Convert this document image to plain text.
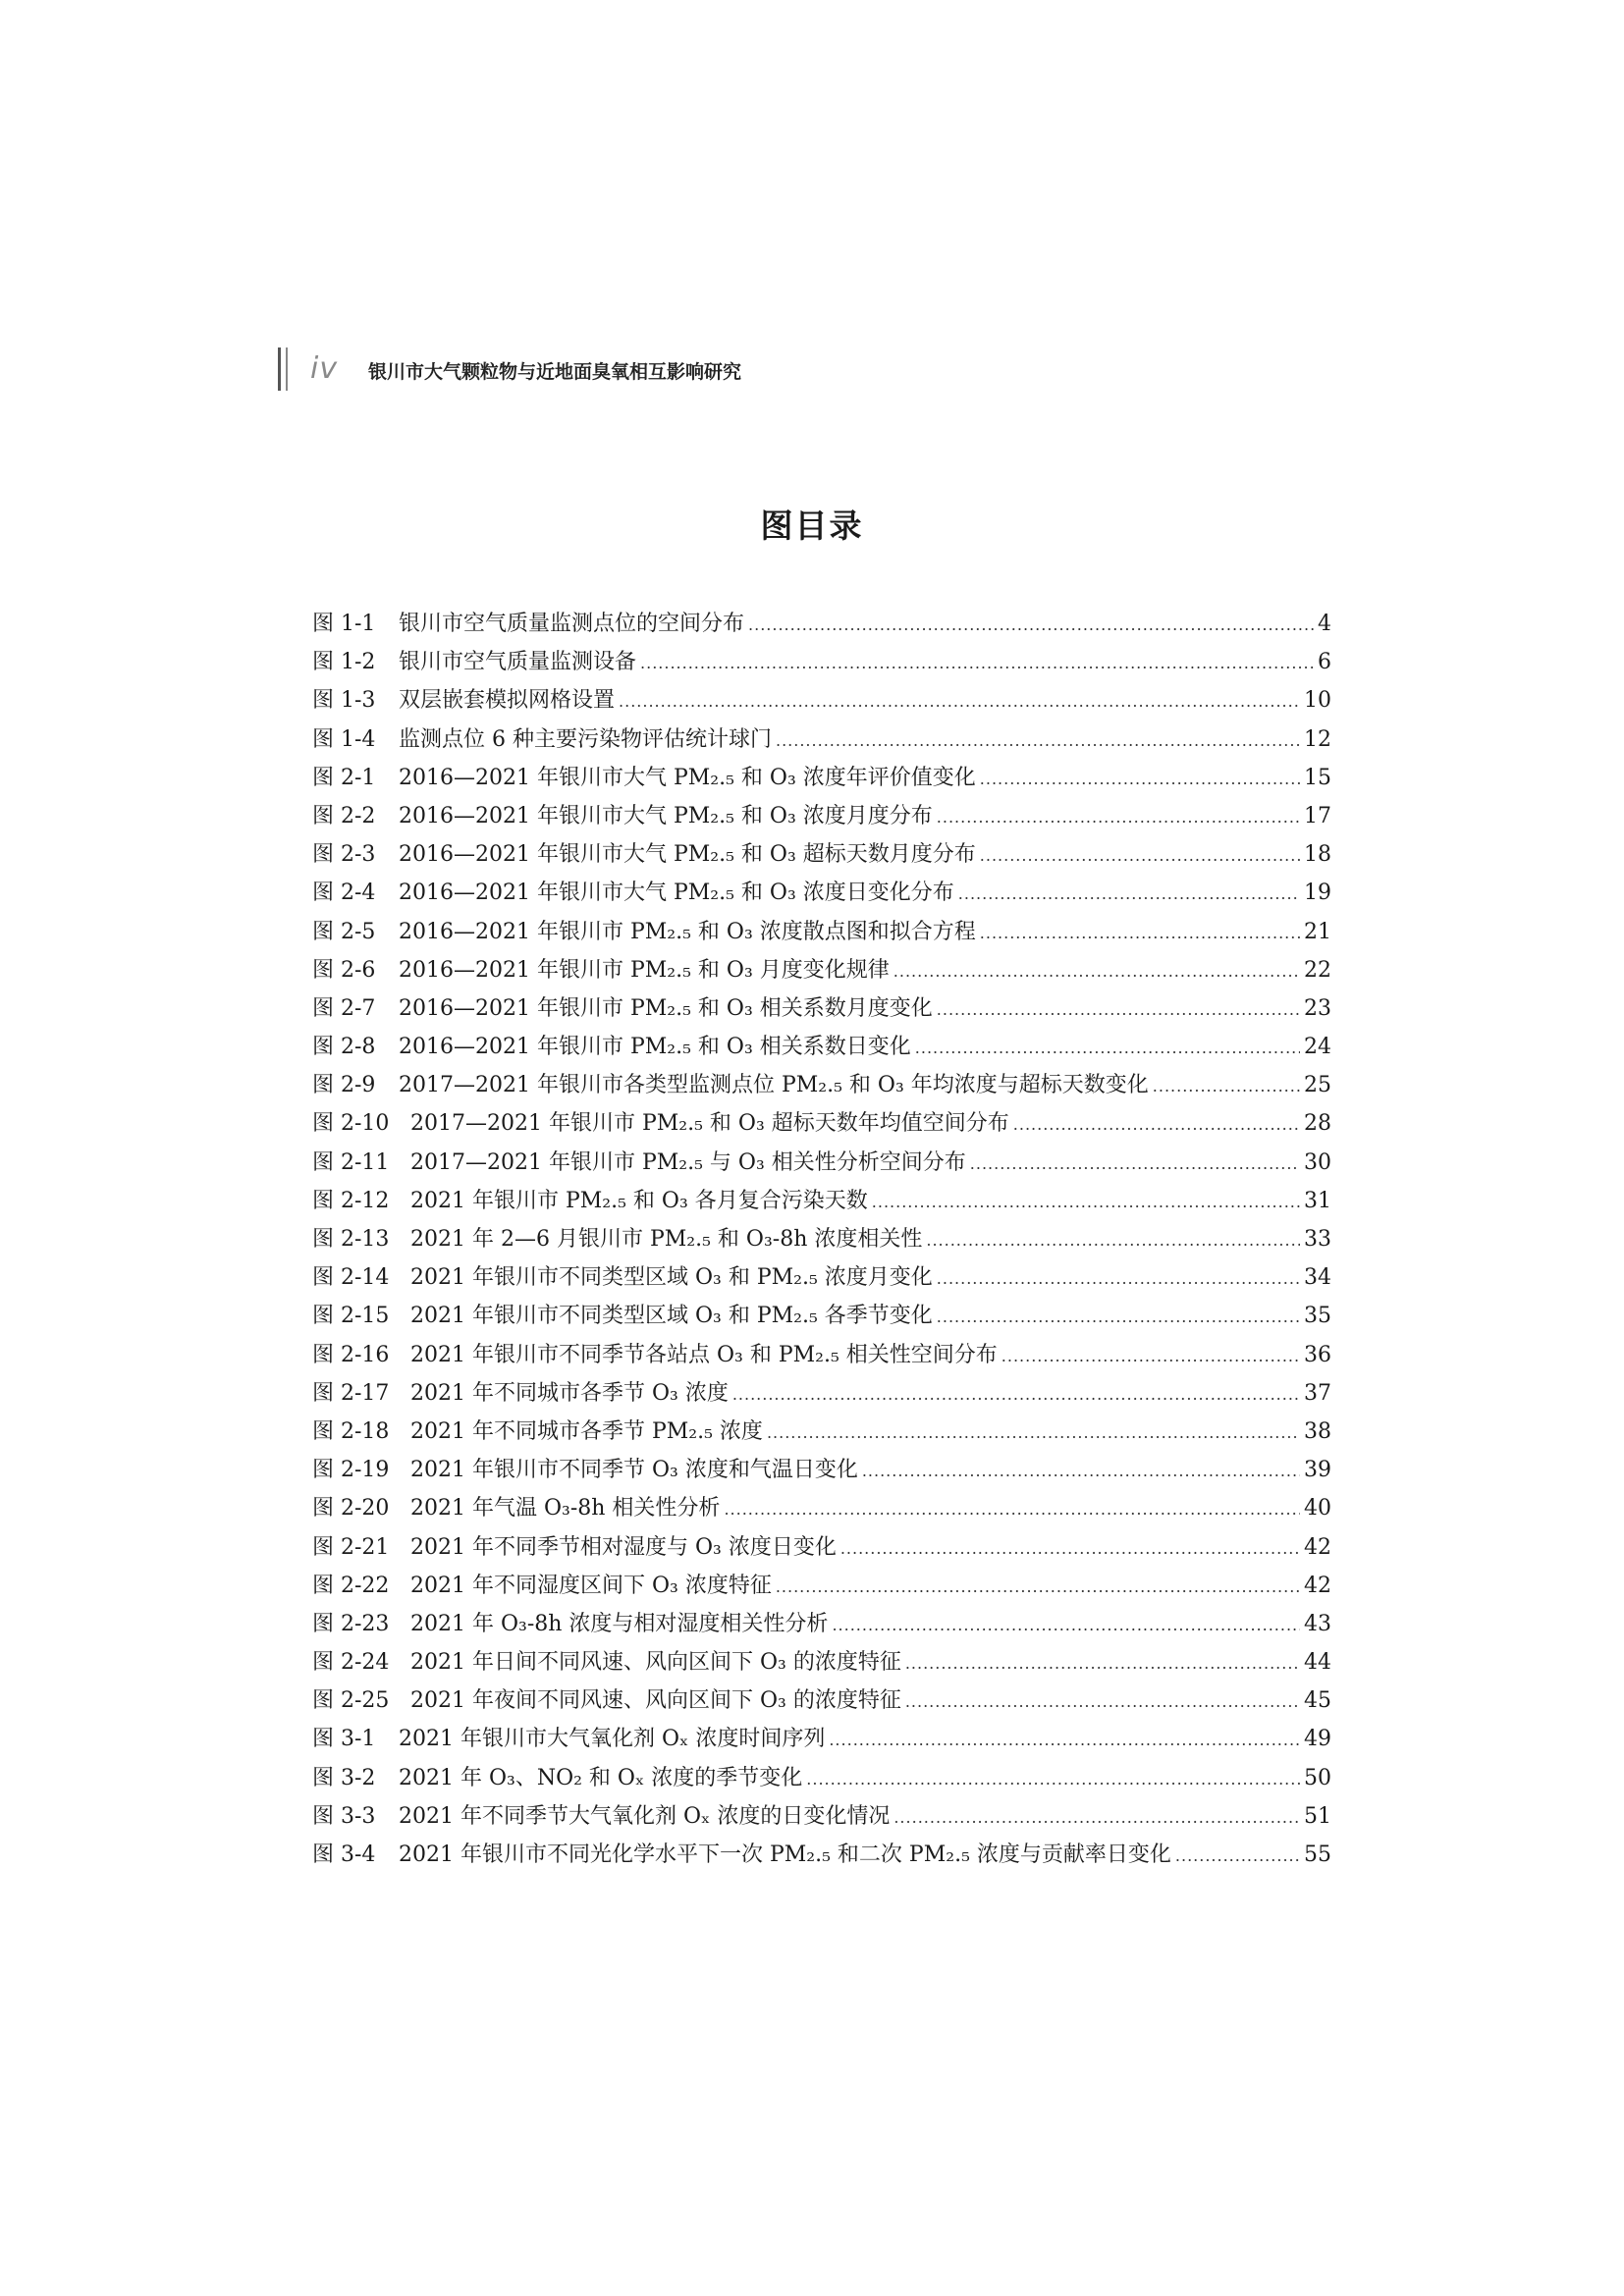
iv 银川市大气颗粒物与近地面臭氧相互影响研究
图目录
图 1-1	银川市空气质量监测点位的空间分布 .....	4
图 1-2	银川市空气质量监测设备 .....	6
图 1-3	双层嵌套模拟网格设置 .....	10
图 1-4	监测点位 6 种主要污染物评估统计球门 .....	12
图 2-1	2016—2021 年银川市大气 PM₂.₅ 和 O₃ 浓度年评价值变化 .....	15
图 2-2	2016—2021 年银川市大气 PM₂.₅ 和 O₃ 浓度月度分布 .....	17
图 2-3	2016—2021 年银川市大气 PM₂.₅ 和 O₃ 超标天数月度分布 .....	18
图 2-4	2016—2021 年银川市大气 PM₂.₅ 和 O₃ 浓度日变化分布 .....	19
图 2-5	2016—2021 年银川市 PM₂.₅ 和 O₃ 浓度散点图和拟合方程 .....	21
图 2-6	2016—2021 年银川市 PM₂.₅ 和 O₃ 月度变化规律 .....	22
图 2-7	2016—2021 年银川市 PM₂.₅ 和 O₃ 相关系数月度变化 .....	23
图 2-8	2016—2021 年银川市 PM₂.₅ 和 O₃ 相关系数日变化 .....	24
图 2-9	2017—2021 年银川市各类型监测点位 PM₂.₅ 和 O₃ 年均浓度与超标天数变化 .....	25
图 2-10 2017—2021 年银川市 PM₂.₅ 和 O₃ 超标天数年均值空间分布 .....	28
图 2-11 2017—2021 年银川市 PM₂.₅ 与 O₃ 相关性分析空间分布 .....	30
图 2-12 2021 年银川市 PM₂.₅ 和 O₃ 各月复合污染天数 .....	31
图 2-13 2021 年 2—6 月银川市 PM₂.₅ 和 O₃-8h 浓度相关性 .....	33
图 2-14 2021 年银川市不同类型区域 O₃ 和 PM₂.₅ 浓度月变化 .....	34
图 2-15 2021 年银川市不同类型区域 O₃ 和 PM₂.₅ 各季节变化 .....	35
图 2-16 2021 年银川市不同季节各站点 O₃ 和 PM₂.₅ 相关性空间分布 .....	36
图 2-17 2021 年不同城市各季节 O₃ 浓度 .....	37
图 2-18 2021 年不同城市各季节 PM₂.₅ 浓度 .....	38
图 2-19 2021 年银川市不同季节 O₃ 浓度和气温日变化 .....	39
图 2-20 2021 年气温 O₃-8h 相关性分析 .....	40
图 2-21 2021 年不同季节相对湿度与 O₃ 浓度日变化 .....	42
图 2-22 2021 年不同湿度区间下 O₃ 浓度特征 .....	42
图 2-23 2021 年 O₃-8h 浓度与相对湿度相关性分析 .....	43
图 2-24 2021 年日间不同风速、风向区间下 O₃ 的浓度特征 .....	44
图 2-25 2021 年夜间不同风速、风向区间下 O₃ 的浓度特征 .....	45
图 3-1	2021 年银川市大气氧化剂 Oₓ 浓度时间序列 .....	49
图 3-2	2021 年 O₃、NO₂ 和 Oₓ 浓度的季节变化 .....	50
图 3-3	2021 年不同季节大气氧化剂 Oₓ 浓度的日变化情况 .....	51
图 3-4	2021 年银川市不同光化学水平下一次 PM₂.₅ 和二次 PM₂.₅ 浓度与贡献率日变化 .....	55
